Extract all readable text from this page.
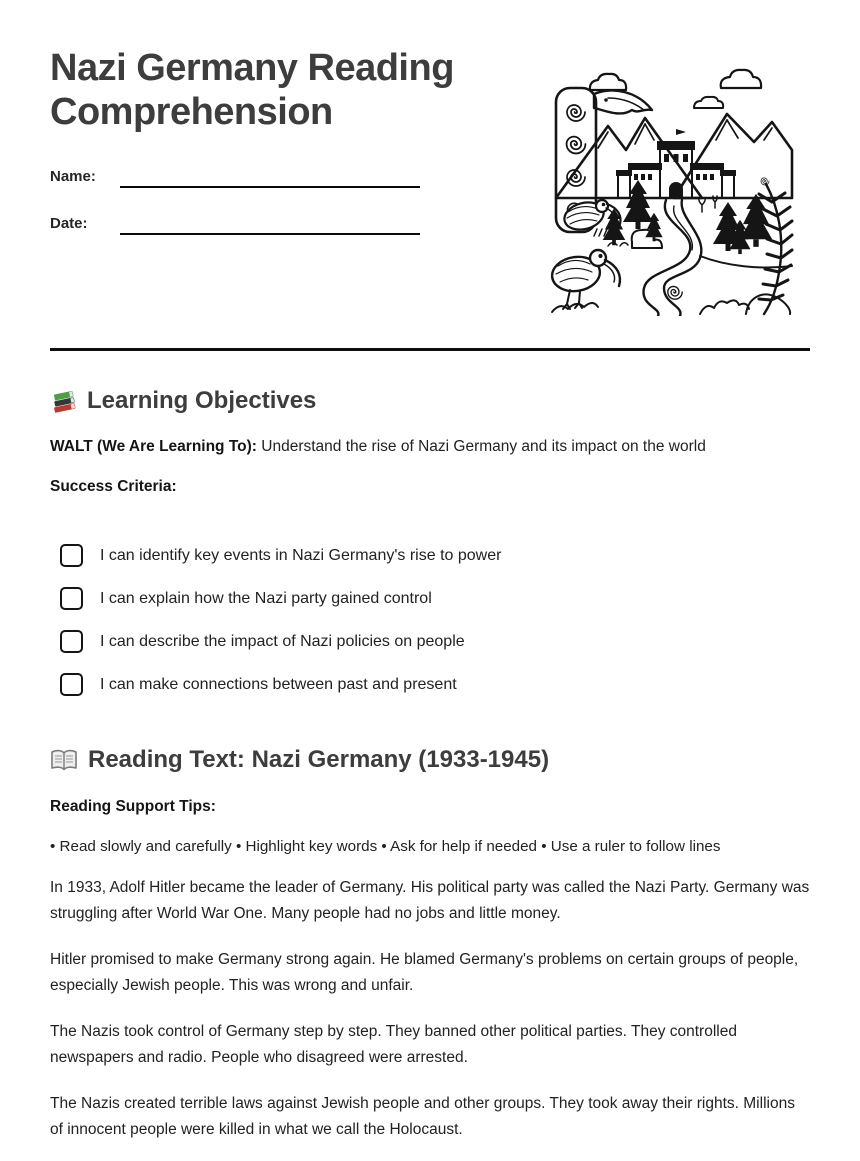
Nazi Germany Reading Comprehension
Name:
Date:
Learning Objectives

WALT (We Are Learning To): Understand the rise of Nazi Germany and its impact on the world

Success Criteria:

I can identify key events in Nazi Germany's rise to power
I can explain how the Nazi party gained control
I can describe the impact of Nazi policies on people
I can make connections between past and present
Reading Text: Nazi Germany (1933-1945)

Reading Support Tips:

• Read slowly and carefully • Highlight key words • Ask for help if needed • Use a ruler to follow lines

In 1933, Adolf Hitler became the leader of Germany. His political party was called the Nazi Party. Germany was struggling after World War One. Many people had no jobs and little money.

Hitler promised to make Germany strong again. He blamed Germany's problems on certain groups of people, especially Jewish people. This was wrong and unfair.

The Nazis took control of Germany step by step. They banned other political parties. They controlled newspapers and radio. People who disagreed were arrested.

The Nazis created terrible laws against Jewish people and other groups. They took away their rights. Millions of innocent people were killed in what we call the Holocaust.
